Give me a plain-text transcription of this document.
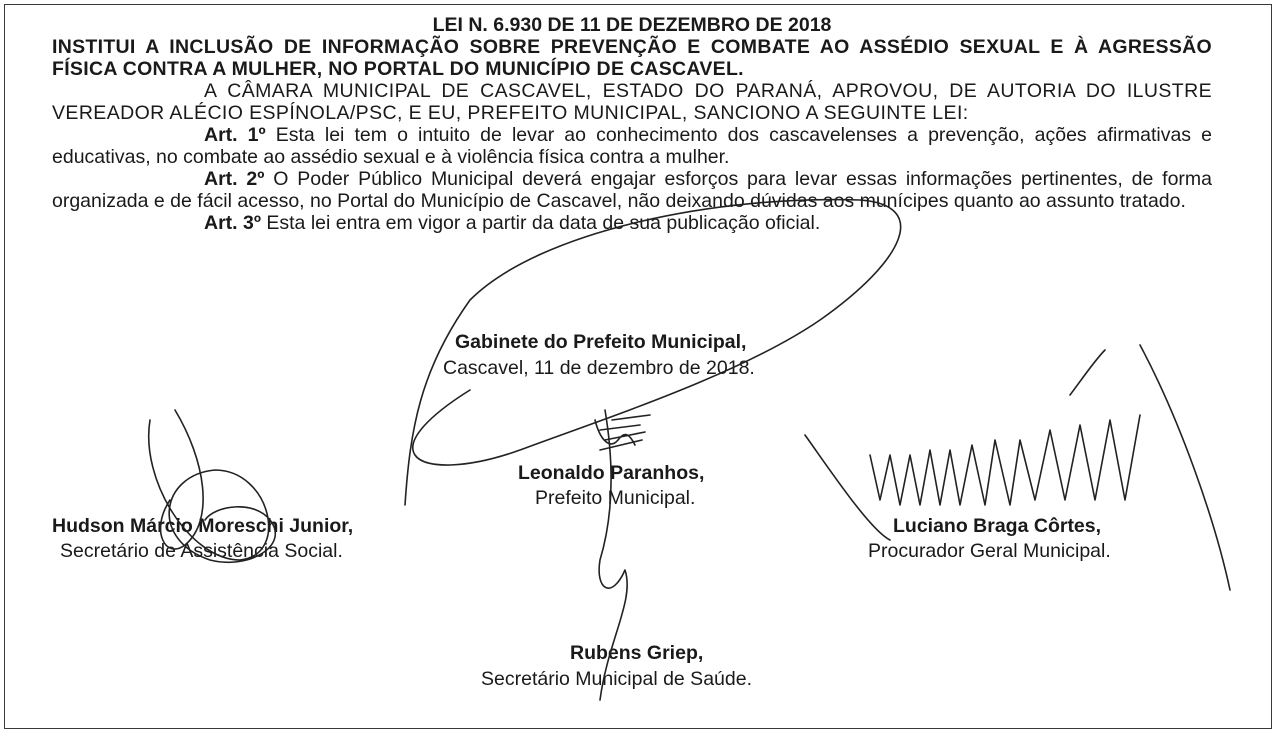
LEI N. 6.930 DE 11 DE DEZEMBRO DE 2018

INSTITUI A INCLUSÃO DE INFORMAÇÃO SOBRE PREVENÇÃO E COMBATE AO ASSÉDIO SEXUAL E À AGRESSÃO FÍSICA CONTRA A MULHER, NO PORTAL DO MUNICÍPIO DE CASCAVEL.

A CÂMARA MUNICIPAL DE CASCAVEL, ESTADO DO PARANÁ, APROVOU, DE AUTORIA DO ILUSTRE VEREADOR ALÉCIO ESPÍNOLA/PSC, E EU, PREFEITO MUNICIPAL, SANCIONO A SEGUINTE LEI:

Art. 1º Esta lei tem o intuito de levar ao conhecimento dos cascavelenses a prevenção, ações afirmativas e educativas, no combate ao assédio sexual e à violência física contra a mulher.

Art. 2º O Poder Público Municipal deverá engajar esforços para levar essas informações pertinentes, de forma organizada e de fácil acesso, no Portal do Município de Cascavel, não deixando dúvidas aos munícipes quanto ao assunto tratado.

Art. 3º Esta lei entra em vigor a partir da data de sua publicação oficial.

Gabinete do Prefeito Municipal,
Cascavel, 11 de dezembro de 2018.
Leonaldo Paranhos,
Prefeito Municipal.
Hudson Márcio Moreschi Junior,
Secretário de Assistência Social.
Luciano Braga Côrtes,
Procurador Geral Municipal.
Rubens Griep,
Secretário Municipal de Saúde.
